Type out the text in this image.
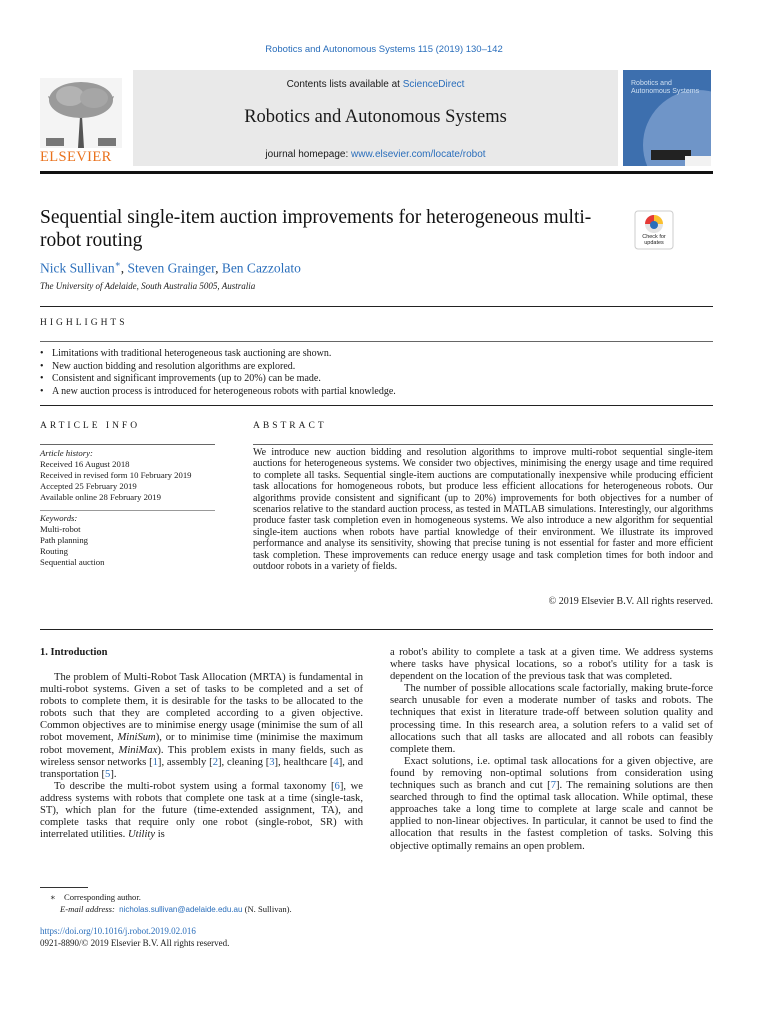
Robotics and Autonomous Systems 115 (2019) 130–142
ELSEVIER
Contents lists available at ScienceDirect
Robotics and Autonomous Systems
journal homepage: www.elsevier.com/locate/robot
Robotics and Autonomous Systems
Sequential single-item auction improvements for heterogeneous multi-robot routing	Check for
updates
Nick Sullivan∗, Steven Grainger, Ben Cazzolato
The University of Adelaide, South Australia 5005, Australia
HIGHLIGHTS
• Limitations with traditional heterogeneous task auctioning are shown.
• New auction bidding and resolution algorithms are explored.
• Consistent and significant improvements (up to 20%) can be made.
• A new auction process is introduced for heterogeneous robots with partial knowledge.
ARTICLE INFO
Article history:
Received 16 August 2018
Received in revised form 10 February 2019
Accepted 25 February 2019
Available online 28 February 2019
Keywords:
Multi-robot
Path planning
Routing
Sequential auction
ABSTRACT
We introduce new auction bidding and resolution algorithms to improve multi-robot sequential single-item auctions for heterogeneous systems. We consider two objectives, minimising the energy usage and time required to complete all tasks. Sequential single-item auctions are computationally inexpensive while producing efficient task allocations for homogeneous robots, but produce less efficient allocations for heterogeneous robots. Our algorithms provide consistent and significant (up to 20%) improvements for both objectives for a number of scenarios relative to the standard auction process, as tested in MATLAB simulations. Interestingly, our algorithms produce faster task completion even in homogeneous systems. We also introduce a new algorithm for sequential single-item auctions when robots have partial knowledge of their environment. We illustrate its improved performance and analyse its sensitivity, showing that precise tuning is not essential for faster and more efficient task completion. These improvements can reduce energy usage and task completion times for both indoor and outdoor robots in a variety of fields.
© 2019 Elsevier B.V. All rights reserved.
1. Introduction

The problem of Multi-Robot Task Allocation (MRTA) is fundamental in multi-robot systems. Given a set of tasks to be completed and a set of robots to complete them, it is desirable for the tasks to be allocated to the robots such that they are completed according to a given objective. Common objectives are to minimise energy usage (minimise the sum of all robot movement, MiniSum), or to minimise time (minimise the maximum robot movement, MiniMax). This problem exists in many fields, such as wireless sensor networks [1], assembly [2], cleaning [3], healthcare [4], and transportation [5].

To describe the multi-robot system using a formal taxonomy [6], we address systems with robots that complete one task at a time (single-task, ST), which plan for the future (time-extended assignment, TA), and complete tasks that require only one robot (single-robot, SR) with interrelated utilities. Utility is

a robot's ability to complete a task at a given time. We address systems where tasks have physical locations, so a robot's utility for a task is dependent on the location of the previous task that was completed.

The number of possible allocations scale factorially, making brute-force search unusable for even a moderate number of tasks and robots. The techniques that exist in literature trade-off between solution quality and processing time. In this research area, a solution refers to a valid set of allocations such that all tasks are allocated and all robots can feasibly complete them.

Exact solutions, i.e. optimal task allocations for a given objective, are found by removing non-optimal solutions from consideration using techniques such as branch and cut [7]. The remaining solutions are then searched through to find the optimal task allocation. While optimal, these approaches take a long time to complete at large scale and cannot be applied to non-linear objectives. In particular, it cannot be used to find the allocation that results in the fastest completion of tasks. Solving this objective optimally remains an open problem.

∗ Corresponding author.
E-mail address: nicholas.sullivan@adelaide.edu.au (N. Sullivan).
https://doi.org/10.1016/j.robot.2019.02.016
0921-8890/© 2019 Elsevier B.V. All rights reserved.
